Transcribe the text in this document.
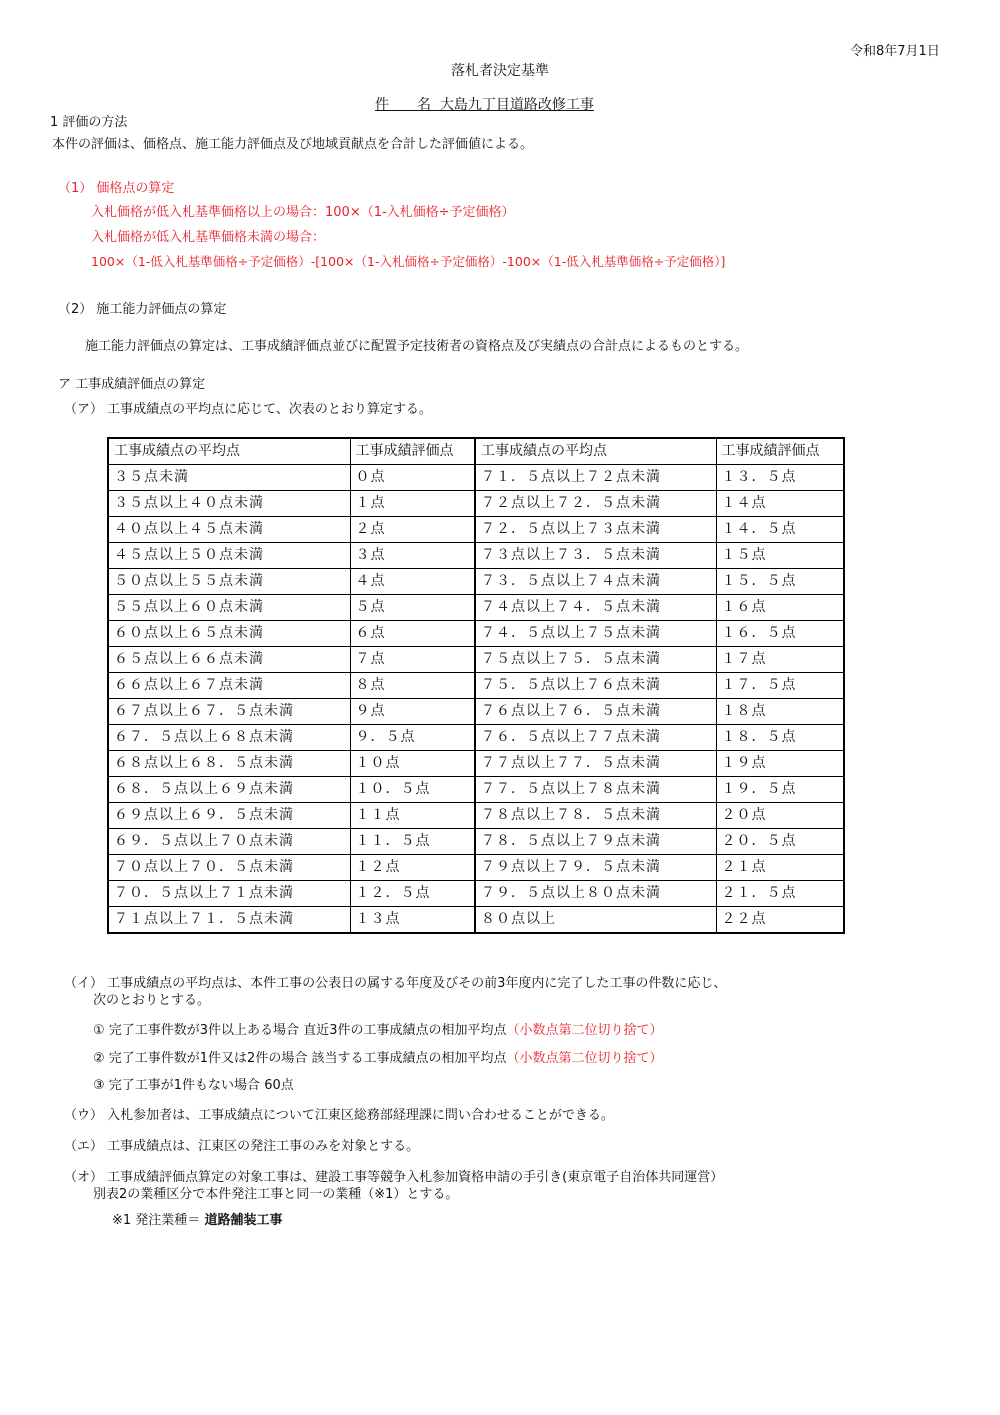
令和8年7月1日
落札者決定基準
件　　名 大島九丁目道路改修工事
1 評価の方法
本件の評価は、価格点、施工能力評価点及び地域貢献点を合計した評価値による。
（1） 価格点の算定
入札価格が低入札基準価格以上の場合：100×（1-入札価格÷予定価格）
入札価格が低入札基準価格未満の場合：
100×（1-低入札基準価格÷予定価格）-[100×（1-入札価格÷予定価格）-100×（1-低入札基準価格÷予定価格）]
（2） 施工能力評価点の算定
施工能力評価点の算定は、工事成績評価点並びに配置予定技術者の資格点及び実績点の合計点によるものとする。
ア 工事成績評価点の算定
（ア） 工事成績点の平均点に応じて、次表のとおり算定する。
工事成績点の平均点	工事成績評価点	工事成績点の平均点	工事成績評価点
３５点未満	０点	７１．５点以上７２点未満	１３．５点
３５点以上４０点未満	１点	７２点以上７２．５点未満	１４点
４０点以上４５点未満	２点	７２．５点以上７３点未満	１４．５点
４５点以上５０点未満	３点	７３点以上７３．５点未満	１５点
５０点以上５５点未満	４点	７３．５点以上７４点未満	１５．５点
５５点以上６０点未満	５点	７４点以上７４．５点未満	１６点
６０点以上６５点未満	６点	７４．５点以上７５点未満	１６．５点
６５点以上６６点未満	７点	７５点以上７５．５点未満	１７点
６６点以上６７点未満	８点	７５．５点以上７６点未満	１７．５点
６７点以上６７．５点未満	９点	７６点以上７６．５点未満	１８点
６７．５点以上６８点未満	９．５点	７６．５点以上７７点未満	１８．５点
６８点以上６８．５点未満	１０点	７７点以上７７．５点未満	１９点
６８．５点以上６９点未満	１０．５点	７７．５点以上７８点未満	１９．５点
６９点以上６９．５点未満	１１点	７８点以上７８．５点未満	２０点
６９．５点以上７０点未満	１１．５点	７８．５点以上７９点未満	２０．５点
７０点以上７０．５点未満	１２点	７９点以上７９．５点未満	２１点
７０．５点以上７１点未満	１２．５点	７９．５点以上８０点未満	２１．５点
７１点以上７１．５点未満	１３点	８０点以上	２２点
（イ） 工事成績点の平均点は、本件工事の公表日の属する年度及びその前3年度内に完了した工事の件数に応じ、
次のとおりとする。
① 完了工事件数が3件以上ある場合 直近3件の工事成績点の相加平均点（小数点第二位切り捨て）
② 完了工事件数が1件又は2件の場合 該当する工事成績点の相加平均点（小数点第二位切り捨て）
③ 完了工事が1件もない場合 60点
（ウ） 入札参加者は、工事成績点について江東区総務部経理課に問い合わせることができる。
（エ） 工事成績点は、江東区の発注工事のみを対象とする。
（オ） 工事成績評価点算定の対象工事は、建設工事等競争入札参加資格申請の手引き(東京電子自治体共同運営）
別表2の業種区分で本件発注工事と同一の業種（※1）とする。
※1 発注業種＝ 道路舗装工事
